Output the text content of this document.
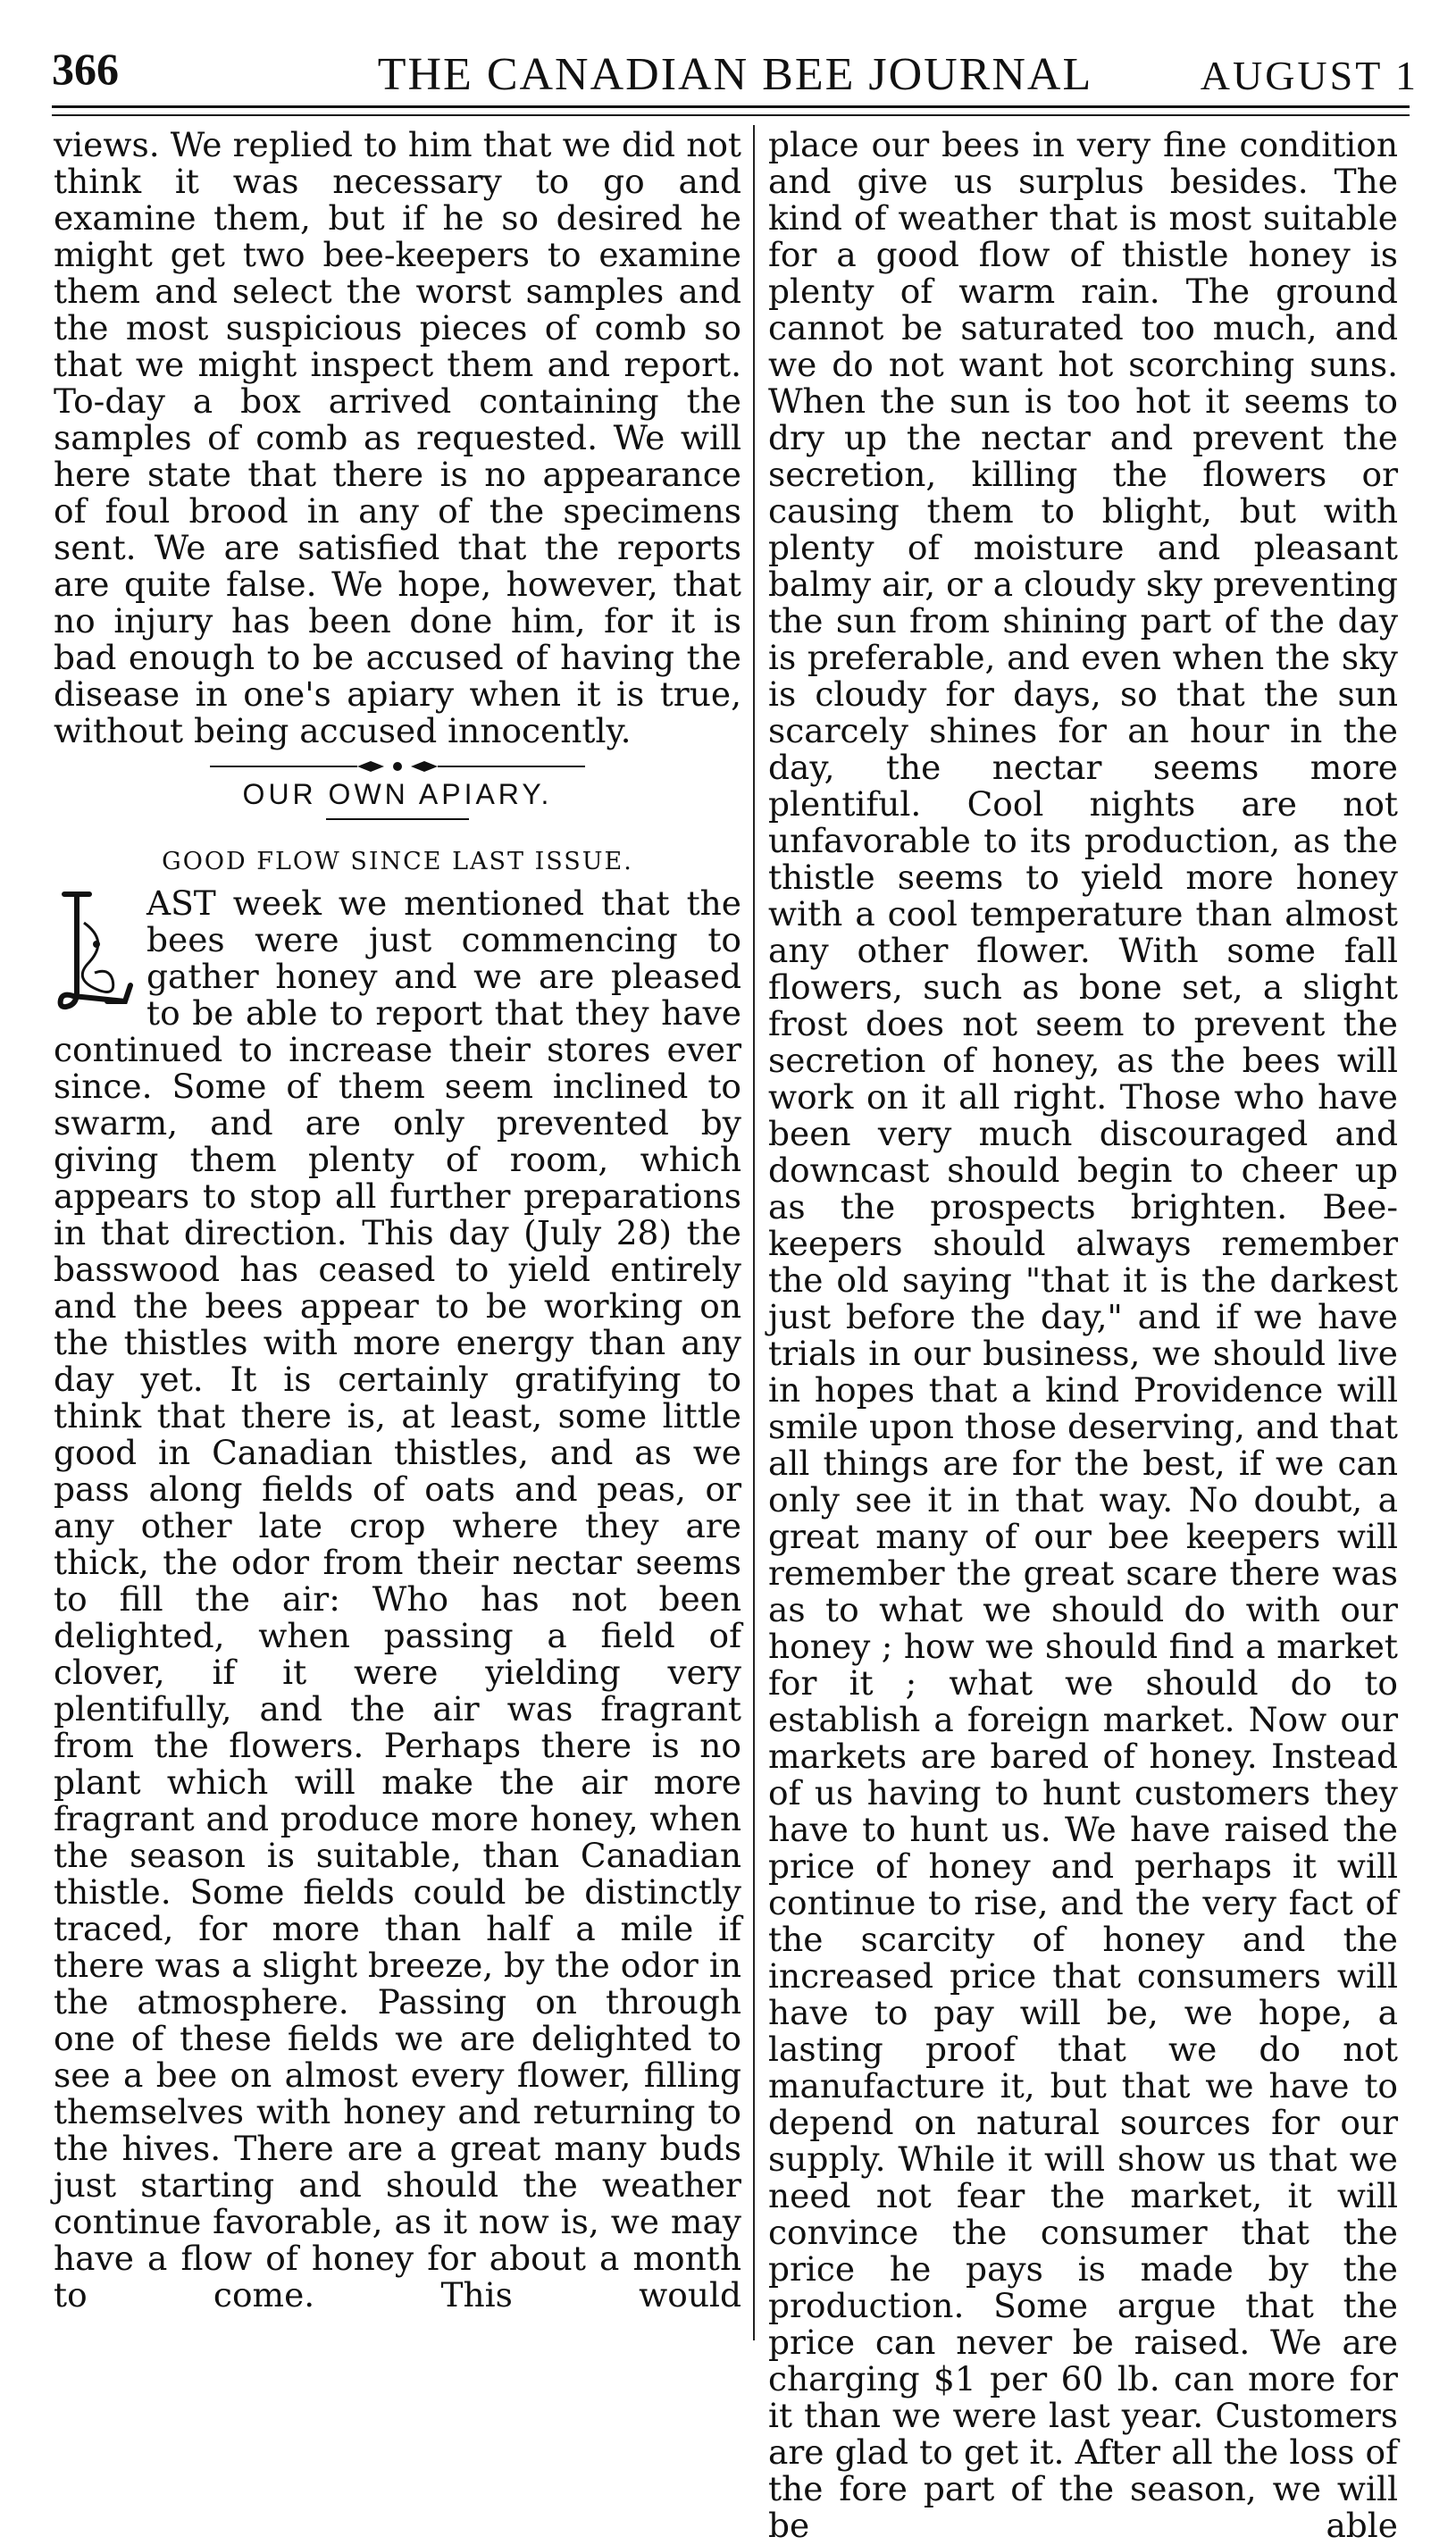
366	THE CANADIAN BEE JOURNAL	AUGUST 1

views. We replied to him that we did not think it was necessary to go and examine them, but if he so desired he might get two bee-keepers to examine them and select the worst samples and the most suspicious pieces of comb so that we might inspect them and report. To-day a box arrived containing the samples of comb as requested. We will here state that there is no appearance of foul brood in any of the specimens sent. We are satisfied that the reports are quite false. We hope, however, that no injury has been done him, for it is bad enough to be accused of having the disease in one's apiary when it is true, without being accused innocently.

OUR OWN APIARY.
GOOD FLOW SINCE LAST ISSUE.

AST week we mentioned that the bees were just commencing to gather honey and we are pleased to be able to report that they have continued to increase their stores ever since. Some of them seem inclined to swarm, and are only prevented by giving them plenty of room, which appears to stop all further preparations in that direction. This day (July 28) the basswood has ceased to yield entirely and the bees appear to be working on the thistles with more energy than any day yet. It is certainly gratifying to think that there is, at least, some little good in Canadian thistles, and as we pass along fields of oats and peas, or any other late crop where they are thick, the odor from their nectar seems to fill the air: Who has not been delighted, when passing a field of clover, if it were yielding very plentifully, and the air was fragrant from the flowers. Perhaps there is no plant which will make the air more fragrant and produce more honey, when the season is suitable, than Canadian thistle. Some fields could be distinctly traced, for more than half a mile if there was a slight breeze, by the odor in the atmosphere. Passing on through one of these fields we are delighted to see a bee on almost every flower, filling themselves with honey and returning to the hives. There are a great many buds just starting and should the weather continue favorable, as it now is, we may have a flow of honey for about a month to come. This would

place our bees in very fine condition and give us surplus besides. The kind of weather that is most suitable for a good flow of thistle honey is plenty of warm rain. The ground cannot be saturated too much, and we do not want hot scorching suns. When the sun is too hot it seems to dry up the nectar and prevent the secretion, killing the flowers or causing them to blight, but with plenty of moisture and pleasant balmy air, or a cloudy sky preventing the sun from shining part of the day is preferable, and even when the sky is cloudy for days, so that the sun scarcely shines for an hour in the day, the nectar seems more plentiful. Cool nights are not unfavorable to its production, as the thistle seems to yield more honey with a cool temperature than almost any other flower. With some fall flowers, such as bone set, a slight frost does not seem to prevent the secretion of honey, as the bees will work on it all right. Those who have been very much discouraged and downcast should begin to cheer up as the prospects brighten. Bee-keepers should always remember the old saying "that it is the darkest just before the day," and if we have trials in our business, we should live in hopes that a kind Providence will smile upon those deserving, and that all things are for the best, if we can only see it in that way. No doubt, a great many of our bee keepers will remember the great scare there was as to what we should do with our honey ; how we should find a market for it ; what we should do to establish a foreign market. Now our markets are bared of honey. Instead of us having to hunt customers they have to hunt us. We have raised the price of honey and perhaps it will continue to rise, and the very fact of the scarcity of honey and the increased price that consumers will have to pay will be, we hope, a lasting proof that we do not manufacture it, but that we have to depend on natural sources for our supply. While it will show us that we need not fear the market, it will convince the consumer that the price he pays is made by the production. Some argue that the price can never be raised. We are charging $1 per 60 lb. can more for it than we were last year. Customers are glad to get it. After all the loss of the fore part of the season, we will be able
